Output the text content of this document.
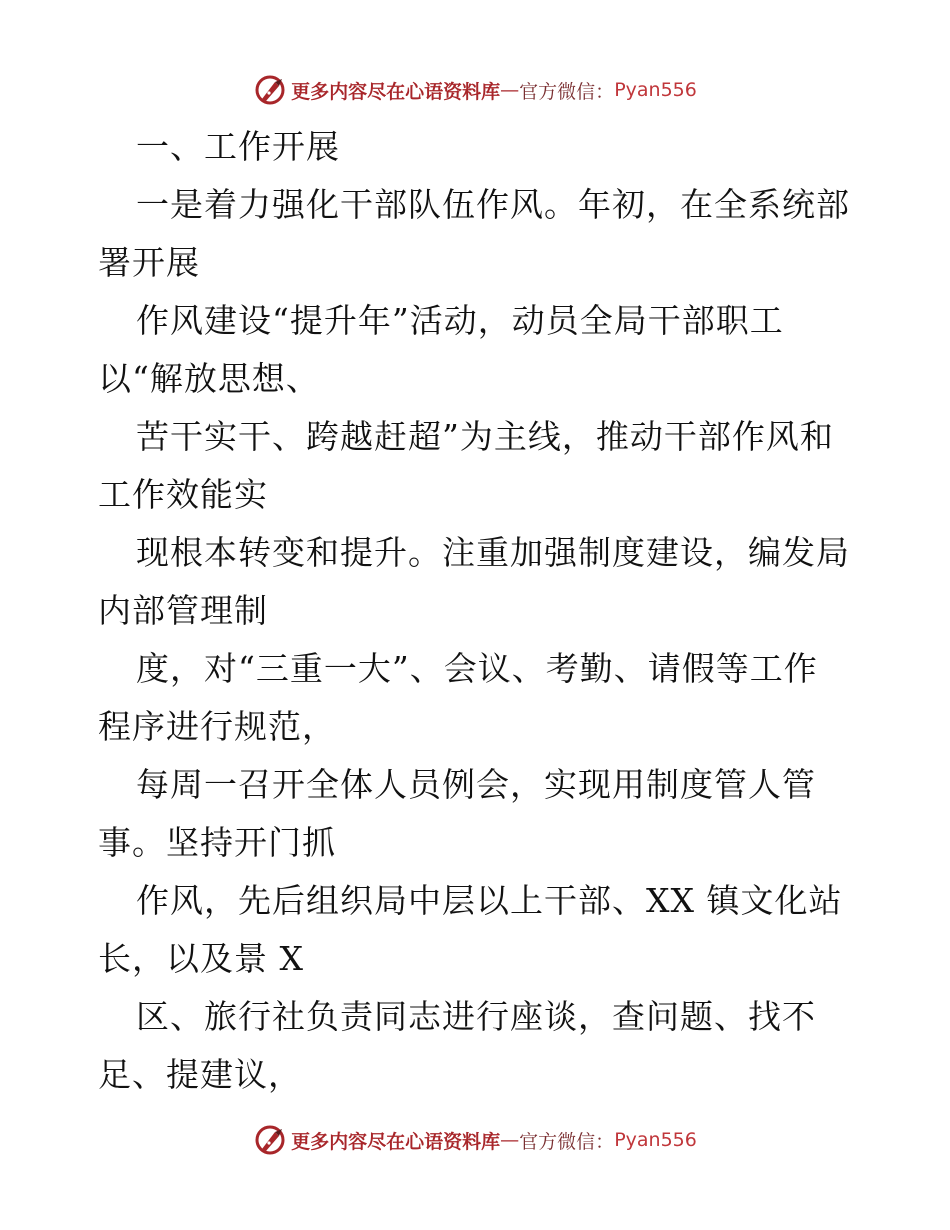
更多内容尽在心语资料库 — 官方微信： Pyan556
一、工作开展
一是着力强化干部队伍作风。年初，在全系统部
署开展
作风建设“提升年”活动，动员全局干部职工
以“解放思想、
苦干实干、跨越赶超”为主线，推动干部作风和
工作效能实
现根本转变和提升。注重加强制度建设，编发局
内部管理制
度，对“三重一大”、会议、考勤、请假等工作
程序进行规范，
每周一召开全体人员例会，实现用制度管人管
事。坚持开门抓
作风，先后组织局中层以上干部、XX 镇文化站
长，以及景 X
区、旅行社负责同志进行座谈，查问题、找不
足、提建议，
更多内容尽在心语资料库 — 官方微信： Pyan556
